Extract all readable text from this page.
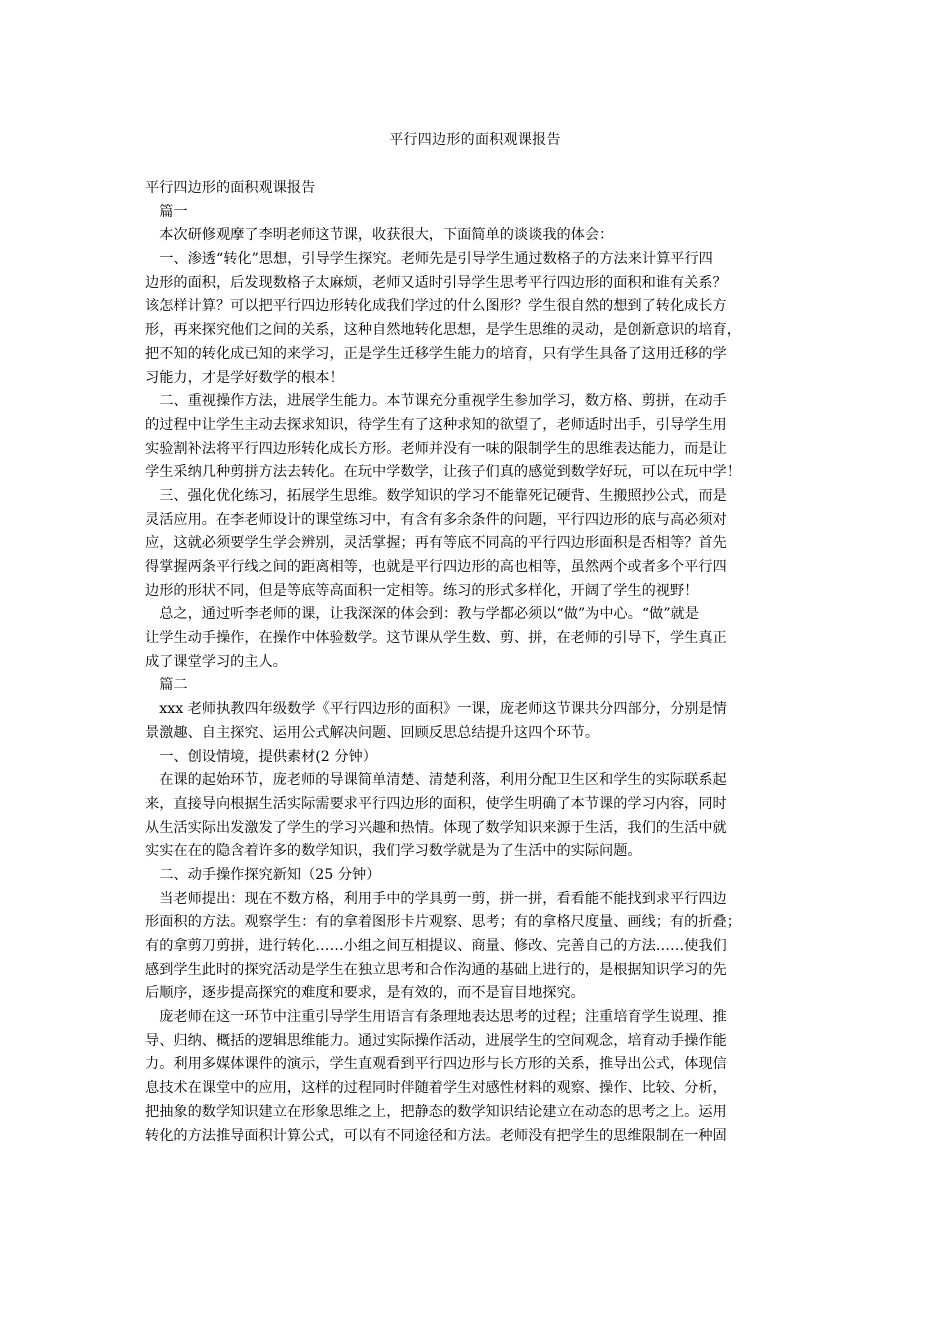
平行四边形的面积观课报告
平行四边形的面积观课报告
　篇一
　本次研修观摩了李明老师这节课，收获很大，下面简单的谈谈我的体会：
　一、渗透“转化”思想，引导学生探究。老师先是引导学生通过数格子的方法来计算平行四
边形的面积，后发现数格子太麻烦，老师又适时引导学生思考平行四边形的面积和谁有关系？
该怎样计算？可以把平行四边形转化成我们学过的什么图形？学生很自然的想到了转化成长方
形，再来探究他们之间的关系，这种自然地转化思想，是学生思维的灵动，是创新意识的培育，
把不知的转化成已知的来学习，正是学生迁移学生能力的培育，只有学生具备了这用迁移的学
习能力，才是学好数学的根本！
　二、重视操作方法，进展学生能力。本节课充分重视学生参加学习，数方格、剪拼，在动手
的过程中让学生主动去探求知识，待学生有了这种求知的欲望了，老师适时出手，引导学生用
实验割补法将平行四边形转化成长方形。老师并没有一味的限制学生的思维表达能力，而是让
学生采纳几种剪拼方法去转化。在玩中学数学，让孩子们真的感觉到数学好玩，可以在玩中学！
　三、强化优化练习，拓展学生思维。数学知识的学习不能靠死记硬背、生搬照抄公式，而是
灵活应用。在李老师设计的课堂练习中，有含有多余条件的问题，平行四边形的底与高必须对
应，这就必须要学生学会辨别，灵活掌握；再有等底不同高的平行四边形面积是否相等？首先
得掌握两条平行线之间的距离相等，也就是平行四边形的高也相等，虽然两个或者多个平行四
边形的形状不同，但是等底等高面积一定相等。练习的形式多样化，开阔了学生的视野！
　总之，通过听李老师的课，让我深深的体会到：教与学都必须以“做”为中心。“做”就是
让学生动手操作，在操作中体验数学。这节课从学生数、剪、拼，在老师的引导下，学生真正
成了课堂学习的主人。
　篇二
　xxx 老师执教四年级数学《平行四边形的面积》一课，庞老师这节课共分四部分，分别是情
景激趣、自主探究、运用公式解决问题、回顾反思总结提升这四个环节。
　一、创设情境，提供素材(2 分钟）
　在课的起始环节，庞老师的导课简单清楚、清楚利落，利用分配卫生区和学生的实际联系起
来，直接导向根据生活实际需要求平行四边形的面积，使学生明确了本节课的学习内容，同时
从生活实际出发激发了学生的学习兴趣和热情。体现了数学知识来源于生活，我们的生活中就
实实在在的隐含着许多的数学知识，我们学习数学就是为了生活中的实际问题。
　二、动手操作探究新知（25 分钟）
　当老师提出：现在不数方格，利用手中的学具剪一剪，拼一拼，看看能不能找到求平行四边
形面积的方法。观察学生：有的拿着图形卡片观察、思考；有的拿格尺度量、画线；有的折叠；
有的拿剪刀剪拼，进行转化……小组之间互相提议、商量、修改、完善自己的方法……使我们
感到学生此时的探究活动是学生在独立思考和合作沟通的基础上进行的，是根据知识学习的先
后顺序，逐步提高探究的难度和要求，是有效的，而不是盲目地探究。
　庞老师在这一环节中注重引导学生用语言有条理地表达思考的过程；注重培育学生说理、推
导、归纳、概括的逻辑思维能力。通过实际操作活动，进展学生的空间观念，培育动手操作能
力。利用多媒体课件的演示，学生直观看到平行四边形与长方形的关系，推导出公式，体现信
息技术在课堂中的应用，这样的过程同时伴随着学生对感性材料的观察、操作、比较、分析，
把抽象的数学知识建立在形象思维之上，把静态的数学知识结论建立在动态的思考之上。运用
转化的方法推导面积计算公式，可以有不同途径和方法。老师没有把学生的思维限制在一种固
